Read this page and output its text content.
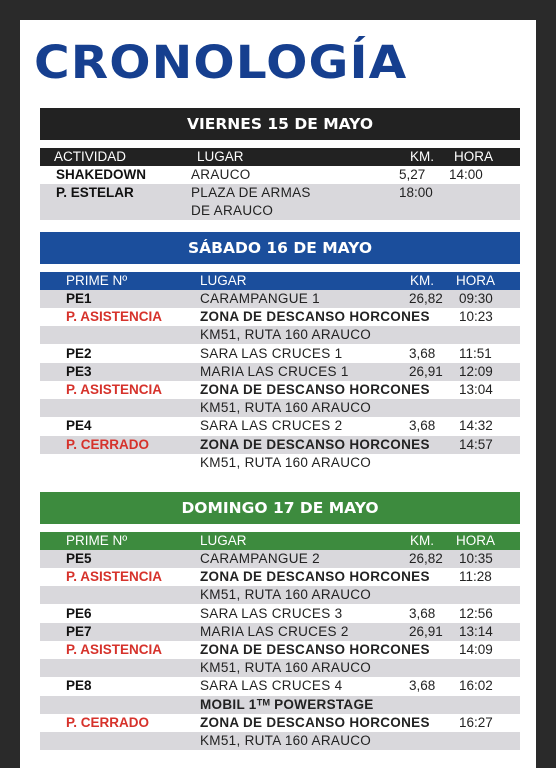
CRONOLOGÍA
VIERNES 15 DE MAYO
ACTIVIDAD	LUGAR	KM. HORA
SHAKEDOWN	ARAUCO	5,27 14:00
P. ESTELAR	PLAZA DE ARMAS	18:00
DE ARAUCO
SÁBADO 16 DE MAYO
PRIME Nº	LUGAR	KM. HORA
PE1	CARAMPANGUE 1	26,82 09:30
P. ASISTENCIA	ZONA DE DESCANSO HORCONES 10:23
KM51, RUTA 160 ARAUCO
PE2	SARA LAS CRUCES 1	3,68 11:51
PE3	MARIA LAS CRUCES 1	26,91 12:09
P. ASISTENCIA	ZONA DE DESCANSO HORCONES 13:04
KM51, RUTA 160 ARAUCO
PE4	SARA LAS CRUCES 2	3,68 14:32
P. CERRADO	ZONA DE DESCANSO HORCONES 14:57
KM51, RUTA 160 ARAUCO
DOMINGO 17 DE MAYO
PRIME Nº	LUGAR	KM. HORA
PE5	CARAMPANGUE 2	26,82 10:35
P. ASISTENCIA	ZONA DE DESCANSO HORCONES 11:28
KM51, RUTA 160 ARAUCO
PE6	SARA LAS CRUCES 3	3,68 12:56
PE7	MARIA LAS CRUCES 2	26,91 13:14
P. ASISTENCIA	ZONA DE DESCANSO HORCONES 14:09
KM51, RUTA 160 ARAUCO
PE8	SARA LAS CRUCES 4	3,68 16:02
MOBIL 1ᵀᴹ POWERSTAGE
P. CERRADO	ZONA DE DESCANSO HORCONES 16:27
KM51, RUTA 160 ARAUCO
